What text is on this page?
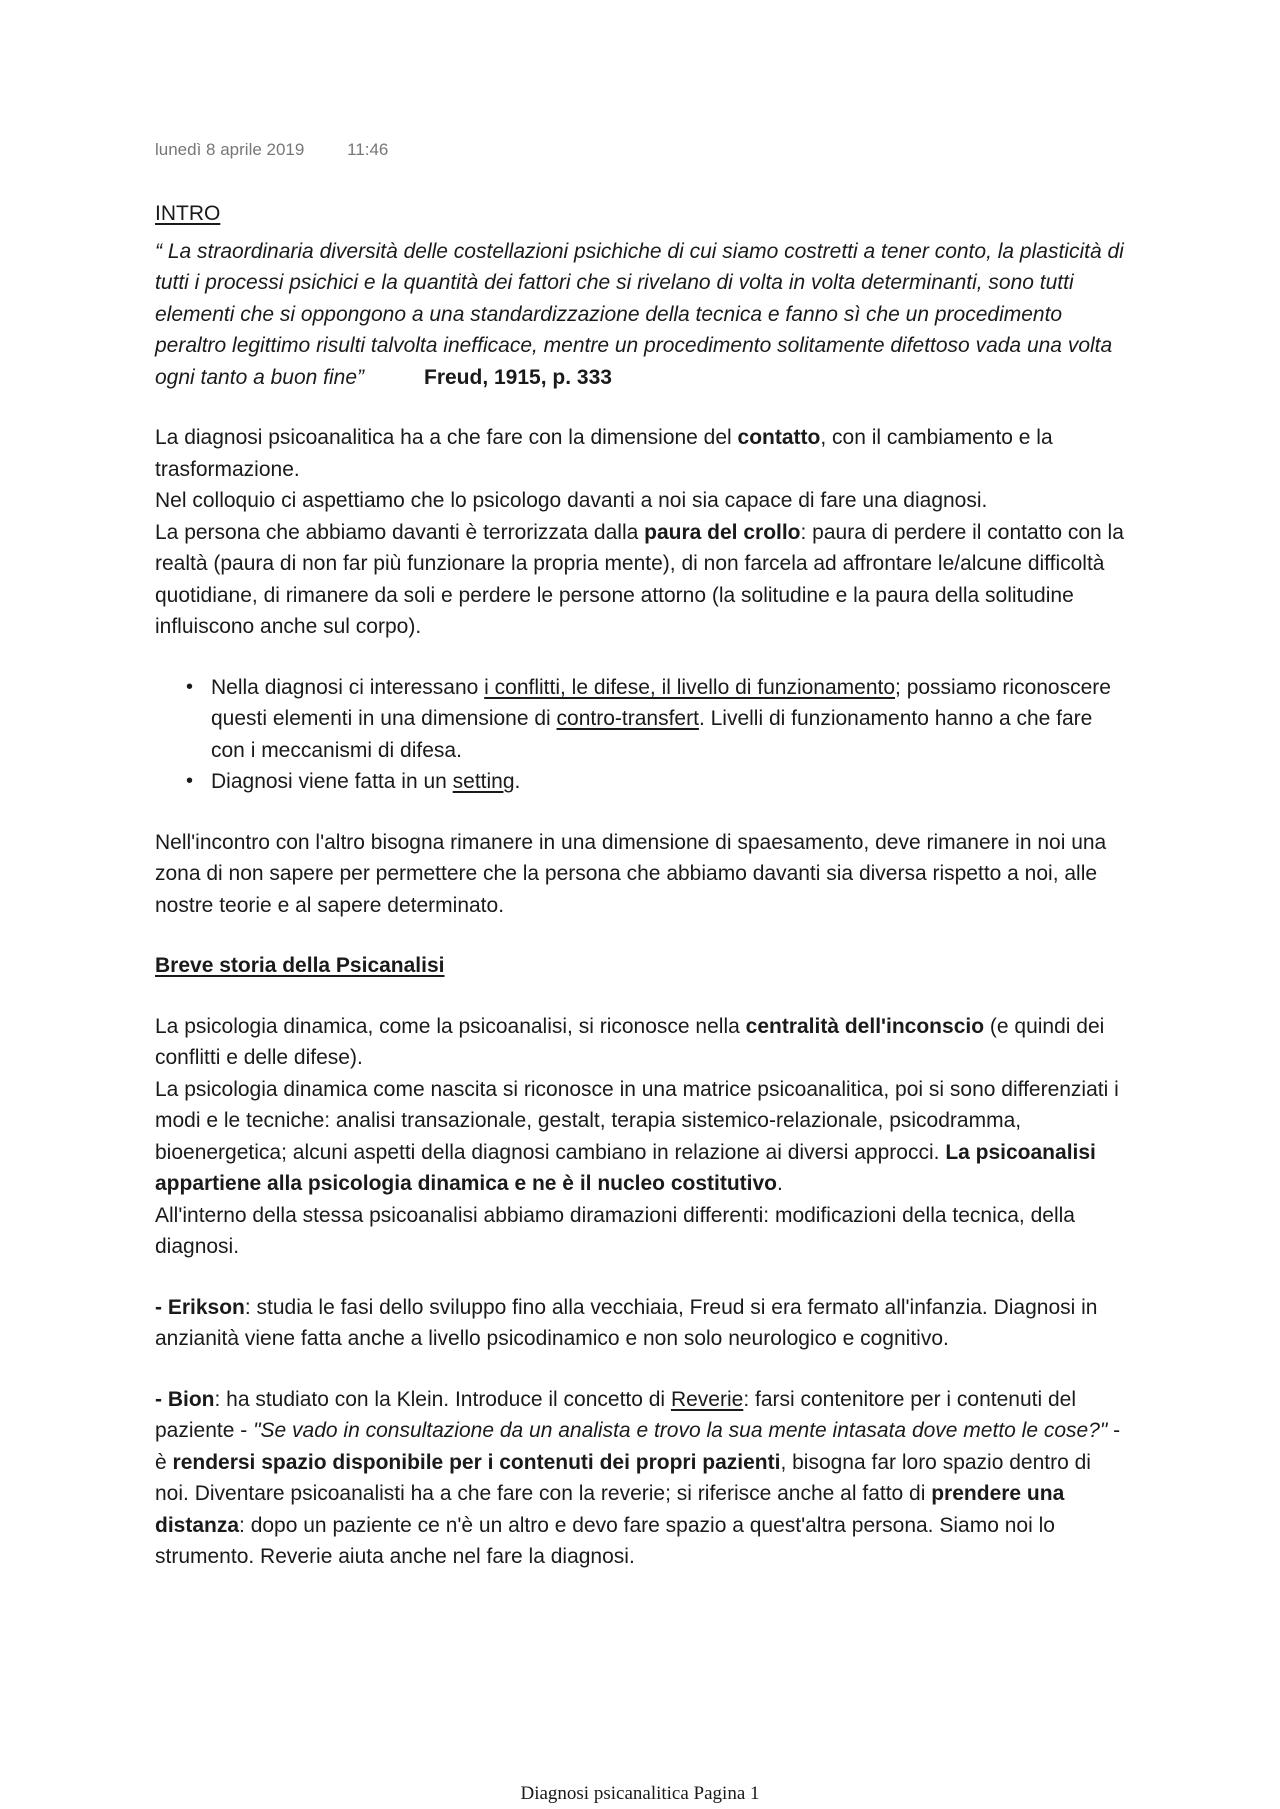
lunedì 8 aprile 2019	11:46

INTRO

“ La straordinaria diversità delle costellazioni psichiche di cui siamo costretti a tener conto, la plasticità di tutti i processi psichici e la quantità dei fattori che si rivelano di volta in volta determinanti, sono tutti elementi che si oppongono a una standardizzazione della tecnica e fanno sì che un procedimento peraltro legittimo risulti talvolta inefficace, mentre un procedimento solitamente difettoso vada una volta ogni tanto a buon fine”	Freud, 1915, p. 333

La diagnosi psicoanalitica ha a che fare con la dimensione del contatto, con il cambiamento e la trasformazione.

Nel colloquio ci aspettiamo che lo psicologo davanti a noi sia capace di fare una diagnosi.

La persona che abbiamo davanti è terrorizzata dalla paura del crollo: paura di perdere il contatto con la realtà (paura di non far più funzionare la propria mente), di non farcela ad affrontare le/alcune difficoltà quotidiane, di rimanere da soli e perdere le persone attorno (la solitudine e la paura della solitudine influiscono anche sul corpo).

• Nella diagnosi ci interessano i conflitti, le difese, il livello di funzionamento; possiamo riconoscere questi elementi in una dimensione di contro-transfert. Livelli di funzionamento hanno a che fare con i meccanismi di difesa.
• Diagnosi viene fatta in un setting.

Nell'incontro con l'altro bisogna rimanere in una dimensione di spaesamento, deve rimanere in noi una zona di non sapere per permettere che la persona che abbiamo davanti sia diversa rispetto a noi, alle nostre teorie e al sapere determinato.

Breve storia della Psicanalisi

La psicologia dinamica, come la psicoanalisi, si riconosce nella centralità dell'inconscio (e quindi dei conflitti e delle difese).

La psicologia dinamica come nascita si riconosce in una matrice psicoanalitica, poi si sono differenziati i modi e le tecniche: analisi transazionale, gestalt, terapia sistemico-relazionale, psicodramma, bioenergetica; alcuni aspetti della diagnosi cambiano in relazione ai diversi approcci. La psicoanalisi appartiene alla psicologia dinamica e ne è il nucleo costitutivo.

All'interno della stessa psicoanalisi abbiamo diramazioni differenti: modificazioni della tecnica, della diagnosi.

- Erikson: studia le fasi dello sviluppo fino alla vecchiaia, Freud si era fermato all'infanzia. Diagnosi in anzianità viene fatta anche a livello psicodinamico e non solo neurologico e cognitivo.

- Bion: ha studiato con la Klein. Introduce il concetto di Reverie: farsi contenitore per i contenuti del paziente - "Se vado in consultazione da un analista e trovo la sua mente intasata dove metto le cose?" - è rendersi spazio disponibile per i contenuti dei propri pazienti, bisogna far loro spazio dentro di noi. Diventare psicoanalisti ha a che fare con la reverie; si riferisce anche al fatto di prendere una distanza: dopo un paziente ce n'è un altro e devo fare spazio a quest'altra persona. Siamo noi lo strumento. Reverie aiuta anche nel fare la diagnosi.

Diagnosi psicanalitica Pagina 1
